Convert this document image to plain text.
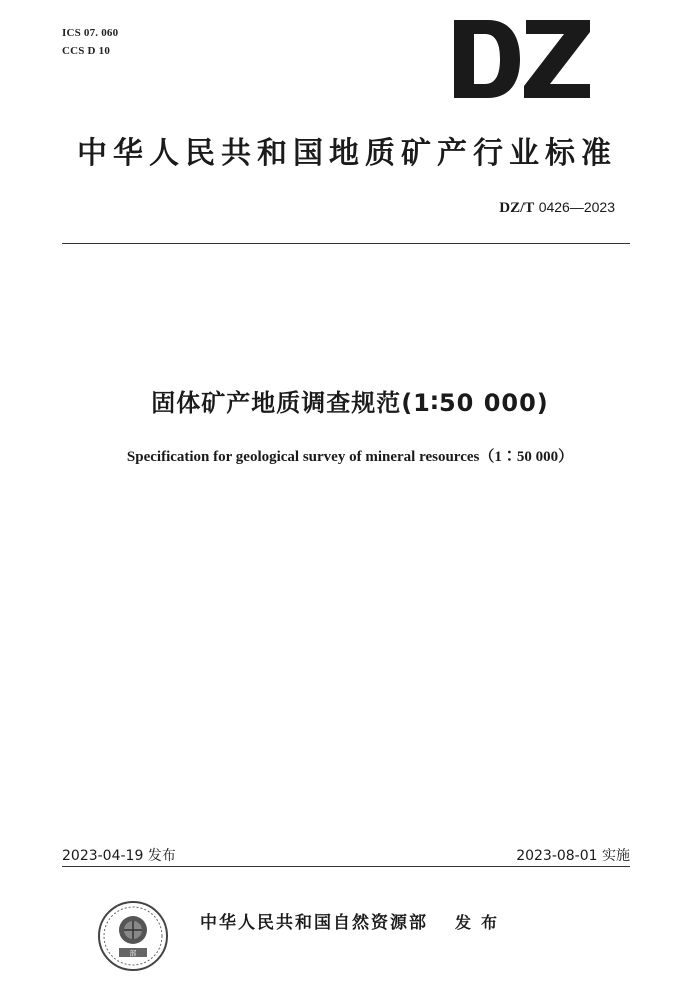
ICS 07. 060
CCS D 10
中华人民共和国地质矿产行业标准
DZ/T 0426—2023
固体矿产地质调查规范(1∶50 000)
Specification for geological survey of mineral resources（1∶50 000）
2023-04-19 发布	2023-08-01 实施
部
中华人民共和国自然资源部 发布
